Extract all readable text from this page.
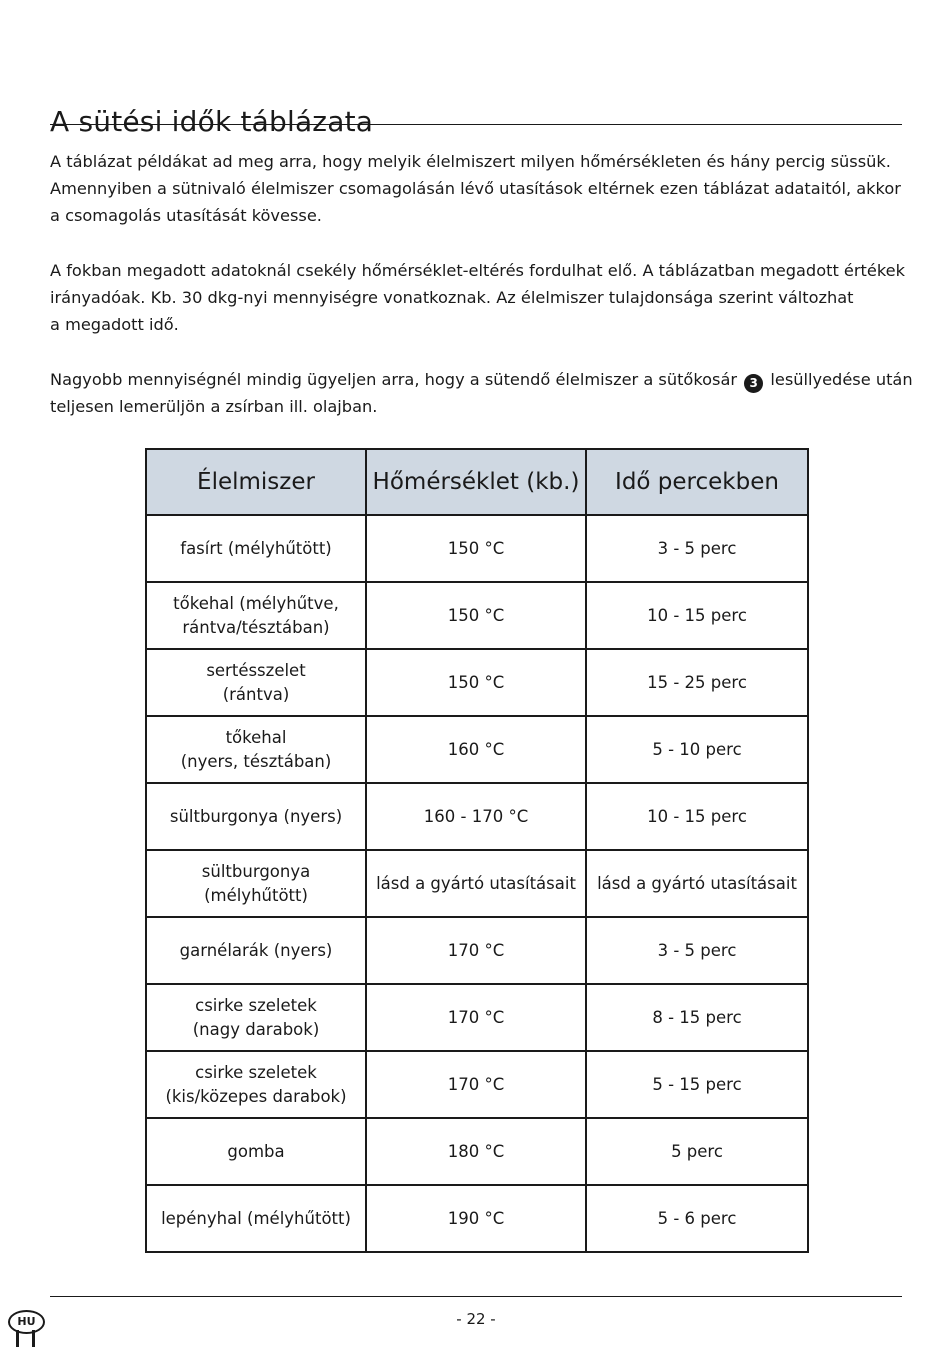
A sütési idők táblázata
A táblázat példákat ad meg arra, hogy melyik élelmiszert milyen hőmérsékleten és hány percig süssük.
Amennyiben a sütnivaló élelmiszer csomagolásán lévő utasítások eltérnek ezen táblázat adataitól, akkor
a csomagolás utasítását kövesse.
A fokban megadott adatoknál csekély hőmérséklet-eltérés fordulhat elő. A táblázatban megadott értékek
irányadóak. Kb. 30 dkg-nyi mennyiségre vonatkoznak. Az élelmiszer tulajdonsága szerint változhat
a megadott idő.
Nagyobb mennyiségnél mindig ügyeljen arra, hogy a sütendő élelmiszer a sütőkosár 3 lesüllyedése után
teljesen lemerüljön a zsírban ill. olajban.
Élelmiszer	Hőmérséklet (kb.)	Idő percekben

fasírt (mélyhűtött)	150 °C	3 - 5 perc

tőkehal (mélyhűtve,
rántva/tésztában)	150 °C	10 - 15 perc

sertésszelet
(rántva)	150 °C	15 - 25 perc

tőkehal
(nyers, tésztában)	160 °C	5 - 10 perc

sültburgonya (nyers)	160 - 170 °C	10 - 15 perc

sültburgonya (mélyhűtött)	lásd a gyártó utasításait	lásd a gyártó utasításait

garnélarák (nyers)	170 °C	3 - 5 perc

csirke szeletek
(nagy darabok)	170 °C	8 - 15 perc

csirke szeletek
(kis/közepes darabok)	170 °C	5 - 15 perc

gomba	180 °C	5 perc

lepényhal (mélyhűtött)	190 °C	5 - 6 perc
- 22 -
HU
